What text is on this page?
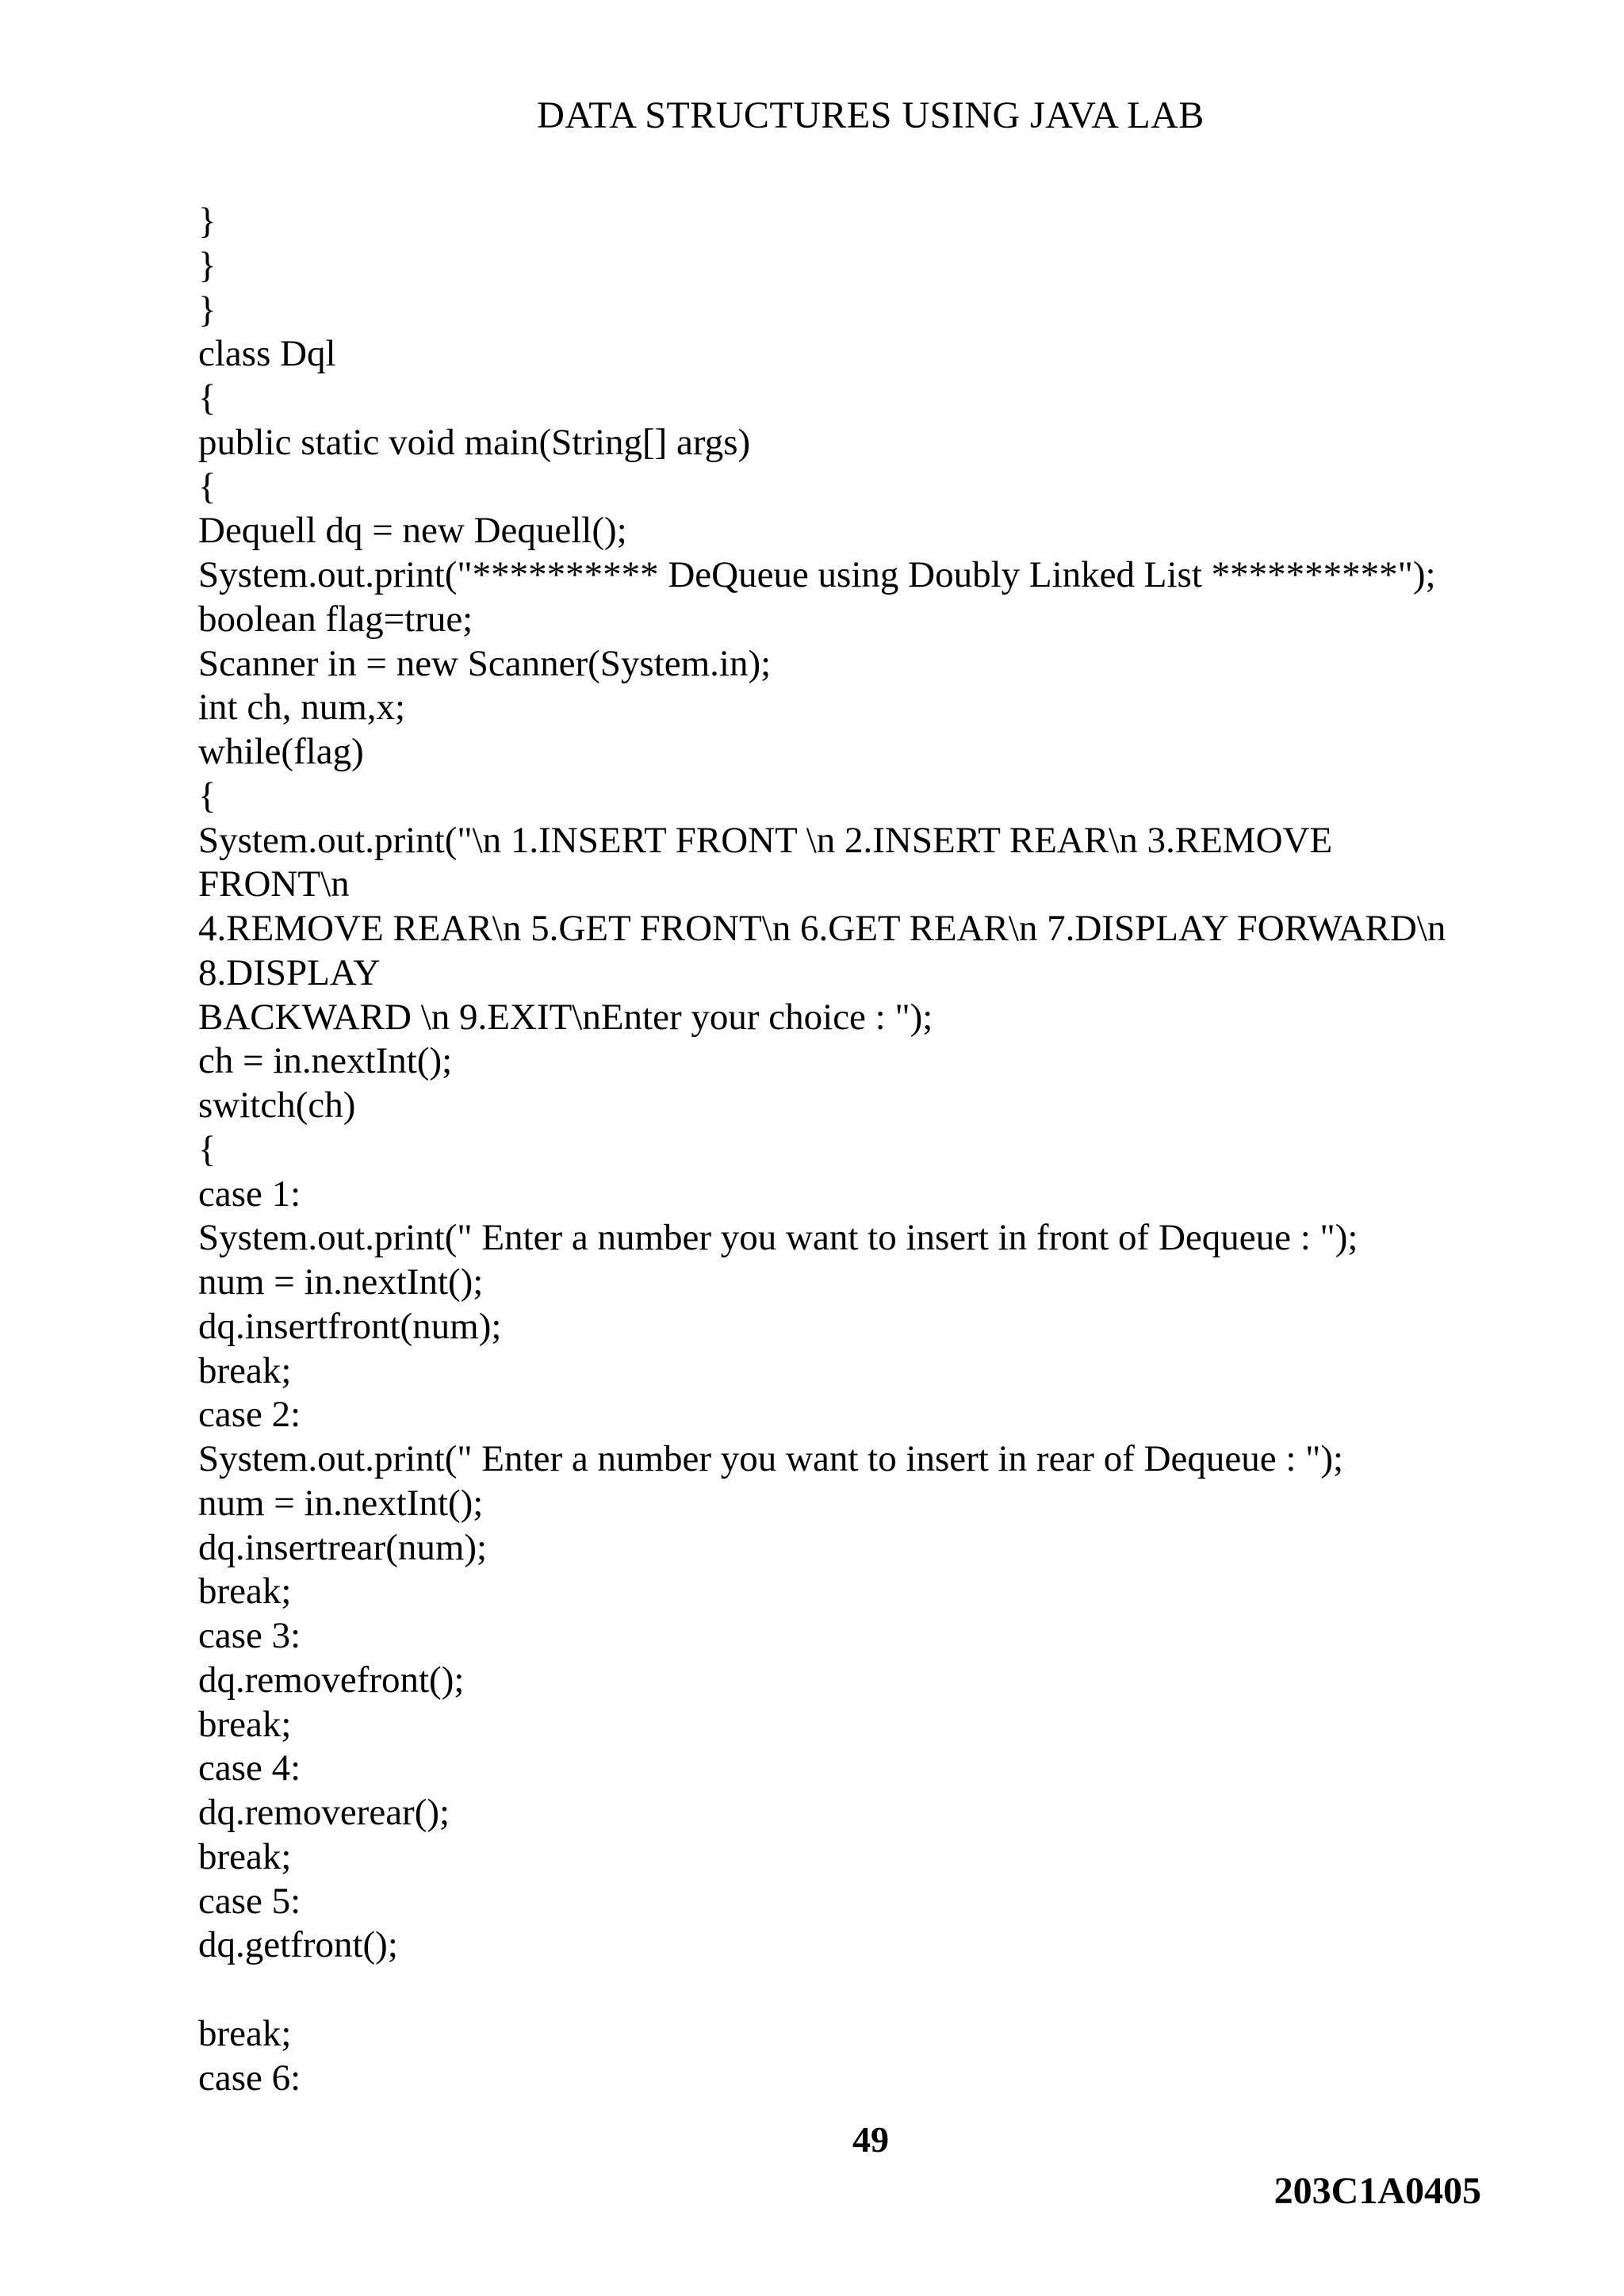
DATA STRUCTURES USING JAVA LAB
}
}
}
class Dql
{
public static void main(String[] args)
{
Dequell dq = new Dequell();
System.out.print("********** DeQueue using Doubly Linked List **********");
boolean flag=true;
Scanner in = new Scanner(System.in);
int ch, num,x;
while(flag)
{
System.out.print("\n 1.INSERT FRONT \n 2.INSERT REAR\n 3.REMOVE
FRONT\n
4.REMOVE REAR\n 5.GET FRONT\n 6.GET REAR\n 7.DISPLAY FORWARD\n
8.DISPLAY
BACKWARD \n 9.EXIT\nEnter your choice : ");
ch = in.nextInt();
switch(ch)
{
case 1:
System.out.print(" Enter a number you want to insert in front of Dequeue : ");
num = in.nextInt();
dq.insertfront(num);
break;
case 2:
System.out.print(" Enter a number you want to insert in rear of Dequeue : ");
num = in.nextInt();
dq.insertrear(num);
break;
case 3:
dq.removefront();
break;
case 4:
dq.removerear();
break;
case 5:
dq.getfront();
break;
case 6:
49
203C1A0405
